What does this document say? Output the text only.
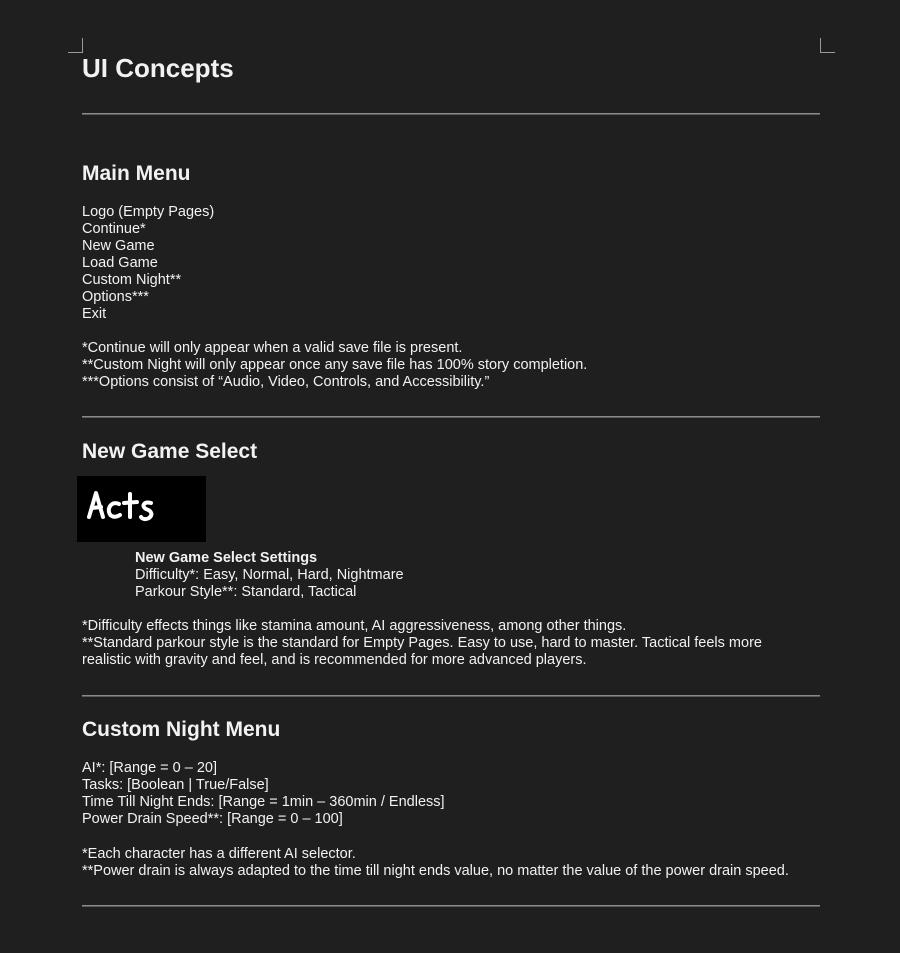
UI Concepts
Main Menu
Logo (Empty Pages)
Continue*
New Game
Load Game
Custom Night**
Options***
Exit
*Continue will only appear when a valid save file is present.
**Custom Night will only appear once any save file has 100% story completion.
***Options consist of “Audio, Video, Controls, and Accessibility.”
New Game Select
New Game Select Settings
Difficulty*: Easy, Normal, Hard, Nightmare
Parkour Style**: Standard, Tactical
*Difficulty effects things like stamina amount, AI aggressiveness, among other things.
**Standard parkour style is the standard for Empty Pages. Easy to use, hard to master. Tactical feels more
realistic with gravity and feel, and is recommended for more advanced players.
Custom Night Menu
AI*: [Range = 0 – 20]
Tasks: [Boolean | True/False]
Time Till Night Ends: [Range = 1min – 360min / Endless]
Power Drain Speed**: [Range = 0 – 100]
*Each character has a different AI selector.
**Power drain is always adapted to the time till night ends value, no matter the value of the power drain speed.
